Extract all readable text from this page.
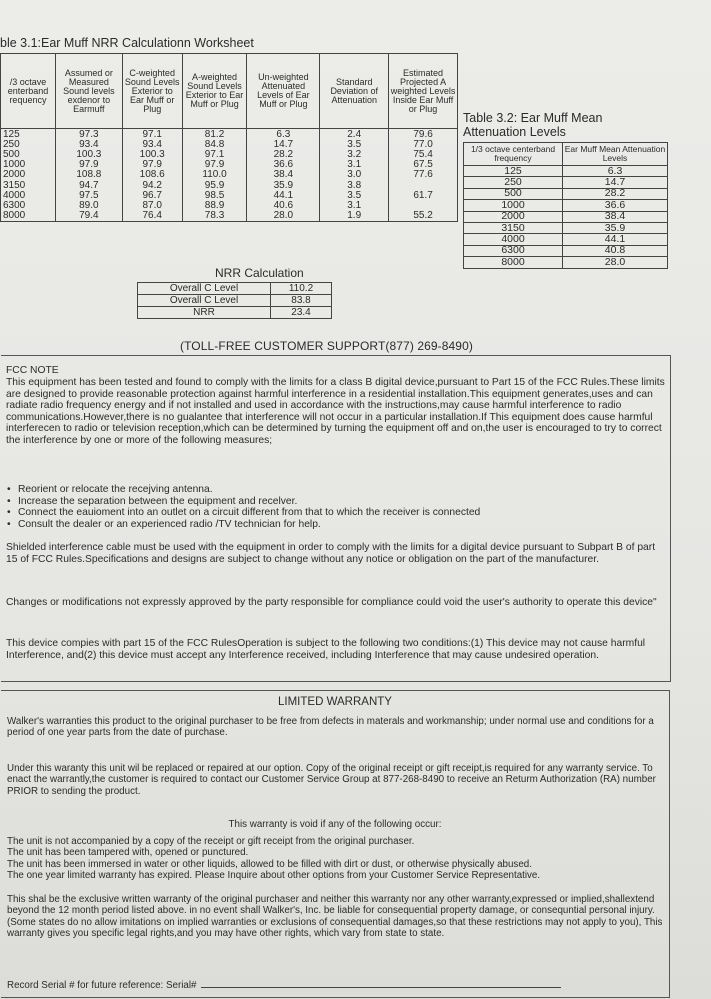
ble 3.1:Ear Muff NRR Calculationn Worksheet
/3 octave enterband requency	Assumed or Measured Sound levels exdenor to Earmuff	C-weighted Sound Levels Exterior to Ear Muff or Plug	A-weighted Sound Levels Exterior to Ear Muff or Plug	Un-weighted Attenuated Levels of Ear Muff or Plug	Standard Deviation of Attenuation	Estimated Projected A weighted Levels Inside Ear Muff or Plug
125	97.3	97.1	81.2	6.3	2.4	79.6
250	93.4	93.4	84.8	14.7	3.5	77.0
500	100.3	100.3	97.1	28.2	3.2	75.4
1000	97.9	97.9	97.9	36.6	3.1	67.5
2000	108.8	108.6	110.0	38.4	3.0	77.6
3150	94.7	94.2	95.9	35.9	3.8	
4000	97.5	96.7	98.5	44.1	3.5	61.7
6300	89.0	87.0	88.9	40.6	3.1	
8000	79.4	76.4	78.3	28.0	1.9	55.2
Table 3.2: Ear Muff Mean
Attenuation Levels
1/3 octave centerband frequency	Ear Muff Mean Attenuation Levels
125	6.3
250	14.7
500	28.2
1000	36.6
2000	38.4
3150	35.9
4000	44.1
6300	40.8
8000	28.0
NRR Calculation
Overall C Level	110.2
Overall C Level	83.8
NRR	23.4
(TOLL-FREE CUSTOMER SUPPORT(877) 269-8490)

FCC NOTE

This equipment has been tested and found to comply with the limits for a class B digital device,pursuant to Part 15 of the FCC Rules.These limits are designed to provide reasonable protection against harmful interference in a residential installation.This equipment generates,uses and can radiate radio frequency energy and if not installed and used in accordance with the instructions,may cause harmful interference to radio communications.However,there is no gualantee that interference will not occur in a particular installation.If This equipment does cause harmful interferecen to radio or television reception,which can be determined by turning the equipment off and on,the user is encouraged to try to correct the interference by one or more of the following measures;

• Reorient or relocate the recejving antenna.
• Increase the separation between the equipment and recelver.
• Connect the eauioment into an outlet on a circuit different from that to which the receiver is connected
• Consult the dealer or an experienced radio /TV technician for help.

Shielded interference cable must be used with the equipment in order to comply with the limits for a digital device pursuant to Subpart B of part 15 of FCC Rules.Specifications and designs are subject to change without any notice or obligation on the part of the manufacturer.

Changes or modifications not expressly approved by the party responsible for compliance could void the user's authority to operate this device"

This device compies with part 15 of the FCC RulesOperation is subject to the following two conditions:(1) This device may not cause harmful Interference, and(2) this device must accept any Interference received, including Interference that may cause undesired operation.

LIMITED WARRANTY

Walker's warranties this product to the original purchaser to be free from defects in materals and workmanship; under normal use and conditions for a period of one year parts from the date of purchase.

Under this waranty this unit wil be replaced or repaired at our option. Copy of the original receipt or gift receipt,is required for any warranty service. To enact the warrantly,the customer is required to contact our Customer Service Group at 877-268-8490 to receive an Returm Authorization (RA) number PRIOR to sending the product.

This warranty is void if any of the following occur:

The unit is not accompanied by a copy of the receipt or gift receipt from the original purchaser.
The unit has been tampered with, opened or punctured.
The unit has been immersed in water or other liquids, allowed to be filled with dirt or dust, or otherwise physically abused.
The one year limited warranty has expired. Please Inquire about other options from your Customer Service Representative.

This shal be the exclusive written warranty of the original purchaser and neither this warranty nor any other warranty,expressed or implied,shallextend beyond the 12 month period listed above. in no event shall Walker's, Inc. be liable for consequential property damage, or consequntial personal injury. (Some states do no allow imitations on implied warranties or exclusions of consequential damages,so that these restrictions may not apply to you), This warranty gives you specific legal rights,and you may have other rights, which vary from state to state.

Record Serial # for future reference: Serial#
